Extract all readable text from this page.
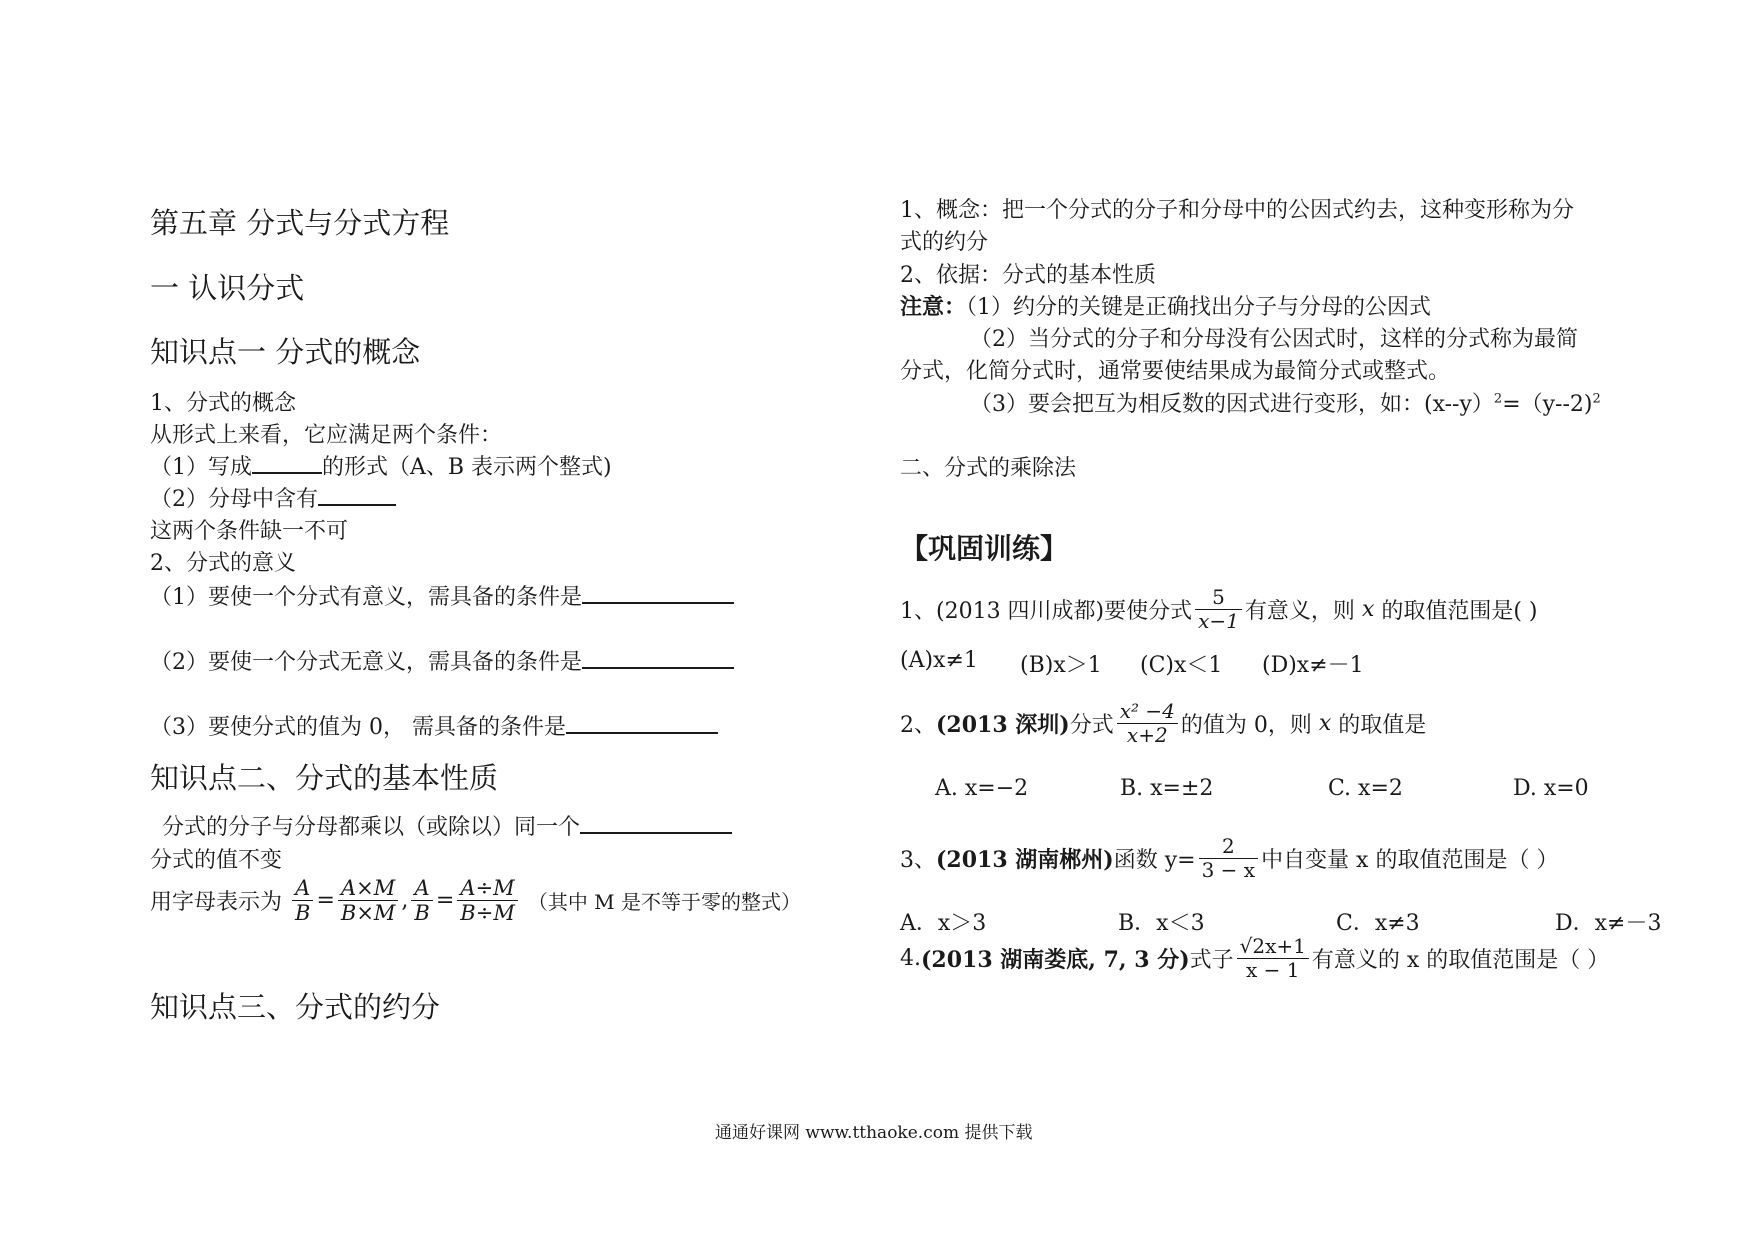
第五章 分式与分式方程
一 认识分式
知识点一 分式的概念
1、分式的概念
从形式上来看，它应满足两个条件：
（1）写成	的形式（A、B 表示两个整式)
（2）分母中含有
这两个条件缺一不可
2、分式的意义
（1）要使一个分式有意义，需具备的条件是
（2）要使一个分式无意义，需具备的条件是
（3）要使分式的值为 0， 需具备的条件是
知识点二、分式的基本性质
分式的分子与分母都乘以（或除以）同一个
分式的值不变
用字母表示为 $\frac{A}{B} = \frac{A\times M}{B\times M}$ , $\frac{A}{B} = \frac{A\div M}{B\div M}$ （其中 M 是不等于零的整式）
知识点三、分式的约分
1、概念：把一个分式的分子和分母中的公因式约去，这种变形称为分
式的约分
2、依据：分式的基本性质
注意：（1）约分的关键是正确找出分子与分母的公因式
（2）当分式的分子和分母没有公因式时，这样的分式称为最简
分式，化简分式时，通常要使结果成为最简分式或整式。
（3）要会把互为相反数的因式进行变形，如：(x--y）$^2$=（y--2)$^2$
二、分式的乘除法
【巩固训练】
1、(2013 四川成都)要使分式 $\frac{5}{x-1}$ 有意义，则 x 的取值范围是( )
(A)x≠1 (B)x＞1 (C)x＜1 (D)x≠－1
2、(2013 深圳)分式 $\frac{\text{x² −4}}{x+2}$ 的值为 0，则 x 的取值是
A. x=−2	B. x=±2	C. x=2	D. x=0
3、(2013 湖南郴州)函数 $y= \frac{2}{3 - x}$ 中自变量 x 的取值范围是（ ）
A．x＞3	B．x＜3	C．x≠3	D．x≠－3
4.(2013 湖南娄底, 7, 3 分)式子 $\frac{√2x+1}{x - 1}$ 有意义的 x 的取值范围是（ ）
通通好课网 www.tthaoke.com 提供下载
